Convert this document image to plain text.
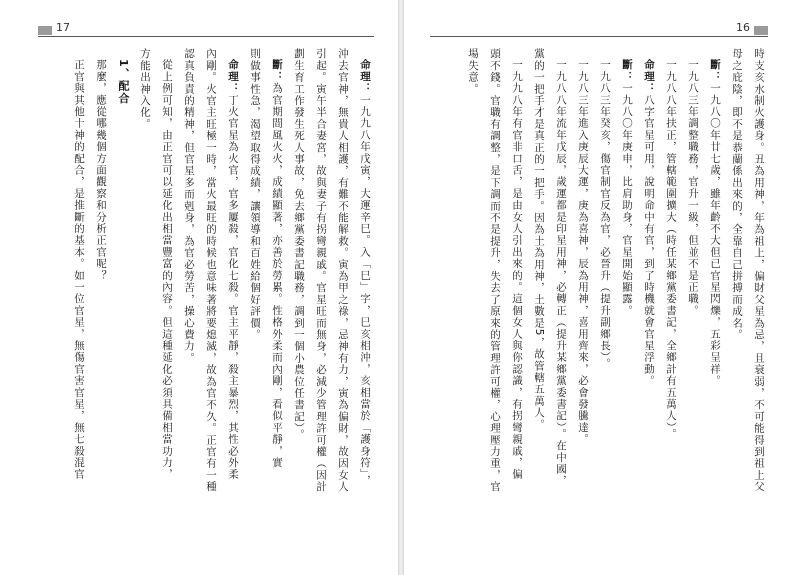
17
命理：一九九八年戊寅，大運辛巳。入「巳」字，巳亥相沖，亥相當於「護身符」，
沖去官神，無貴人相護，有難不能解救。寅為甲之祿，忌神有力，寅為偏財，故因女人
引起。寅午半合妻宮，故與妻子有拐彎親戚。官星旺而無身，必減少管理許可權（因計
劃生育工作發生死人事故，免去鄉黨委書記職務，調到一個小農位任書記）。
斷：為官期間風火火，成績顯著，亦善於勞累。性格外柔而內剛，看似平靜，實
則做事性急，渴望取得成績，讓領導和百姓給個好評價。
命理：丁火官星為火官，官多屢殺，官化七殺。官主平靜，殺主暴烈，其性必外柔
內剛。火官主旺極一時，當火最旺的時候也意味著將要熄滅，故為官不久。正官有一種
認真負責的精神，但官星多而剋身，為官必勞苦，操心費力。
從上例可知，由正官可以延化出相當豐富的內容。但這種延化必須具備相當功力，
方能出神入化。
1、配合
那麼，應從哪幾個方面觀察和分析正官呢？
正官與其他十神的配合，是推斷的基本。如一位官星，無傷官害官星，無七殺混官
16
時支亥水制火護身。丑為用神，年為祖上，偏財父星為忌，且衰弱，不可能得到祖上父
母之庇陰，即不是恭蘭係出來的，全靠自己拼搏而成名。
斷：一九八〇年廿七歲，雖年齡不大但已官星閃爍，五彩呈祥。
一九八三年調整職務，官升一級，但並不是正職。
一九八八年扶正，管轄範圍擴大（時任某鄉黨委書記，全鄉計有五萬人）。
命理：八字官星可用，說明命中有官，到了時機就會官星浮動。
斷：一九八〇年庚申，比肩助身，官星開始顯露。
一九八三年癸亥，傷官制官反為官，必晉升（提升副鄉長）。
一九八三年進入庚辰大運，庚為喜神，辰為用神，喜用齊來，必會發騰達。
一九八八年流年戊辰，歲運都是印星用神，必轉正（提升某鄉黨委書記）。在中國，
黨的一把手才是真正的一把手。因為土為用神，土數是5，故管轄五萬人。
一九九八年有官非口舌，是由女人引出來的。這個女人與你認識，有拐彎親戚，偏
頭不錢。官職有調整，是下調而不是提升，失去了原來的管理許可權，心理壓力重，官
場失意。
